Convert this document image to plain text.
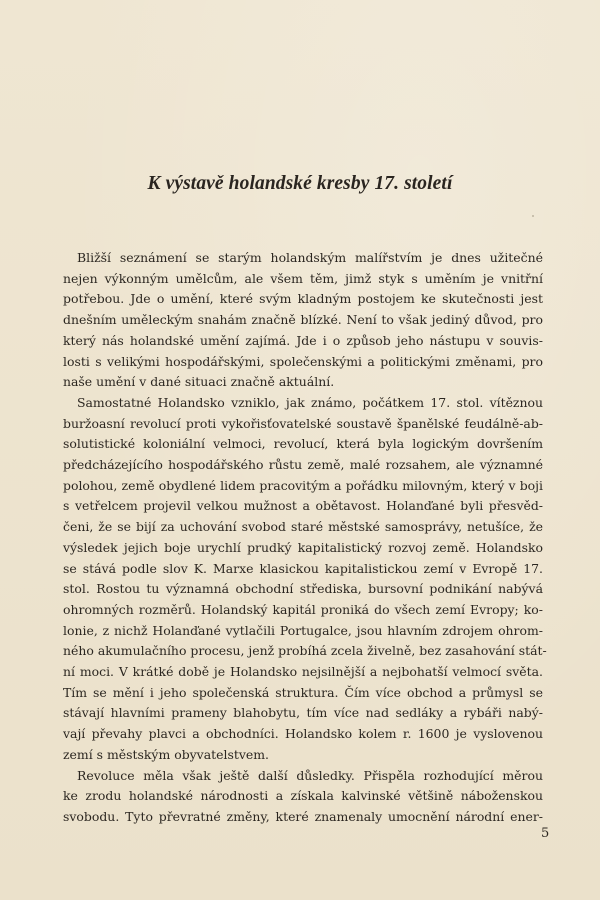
K výstavě holandské kresby 17. století
Bližší seznámení se starým holandským malířstvím je dnes užitečné
nejen výkonným umělcům, ale všem těm, jimž styk s uměním je vnitřní
potřebou. Jde o umění, které svým kladným postojem ke skutečnosti jest
dnešním uměleckým snahám značně blízké. Není to však jediný důvod, pro
který nás holandské umění zajímá. Jde i o způsob jeho nástupu v souvis-
losti s velikými hospodářskými, společenskými a politickými změnami, pro
naše umění v dané situaci značně aktuální.
Samostatné Holandsko vzniklo, jak známo, počátkem 17. stol. vítěznou
buržoasní revolucí proti vykořisťovatelské soustavě španělské feudálně-ab-
solutistické koloniální velmoci, revolucí, která byla logickým dovršením
předcházejícího hospodářského růstu země, malé rozsahem, ale významné
polohou, země obydlené lidem pracovitým a pořádku milovným, který v boji
s vetřelcem projevil velkou mužnost a obětavost. Holanďané byli přesvěd-
čeni, že se bijí za uchování svobod staré městské samosprávy, netušíce, že
výsledek jejich boje urychlí prudký kapitalistický rozvoj země. Holandsko
se stává podle slov K. Marxe klasickou kapitalistickou zemí v Evropě 17.
stol. Rostou tu významná obchodní střediska, bursovní podnikání nabývá
ohromných rozměrů. Holandský kapitál proniká do všech zemí Evropy; ko-
lonie, z nichž Holanďané vytlačili Portugalce, jsou hlavním zdrojem ohrom-
ného akumulačního procesu, jenž probíhá zcela živelně, bez zasahování stát-
ní moci. V krátké době je Holandsko nejsilnější a nejbohatší velmocí světa.
Tím se mění i jeho společenská struktura. Čím více obchod a průmysl se
stávají hlavními prameny blahobytu, tím více nad sedláky a rybáři nabý-
vají převahy plavci a obchodníci. Holandsko kolem r. 1600 je vyslovenou
zemí s městským obyvatelstvem.
Revoluce měla však ještě další důsledky. Přispěla rozhodující měrou
ke zrodu holandské národnosti a získala kalvinské většině náboženskou
svobodu. Tyto převratné změny, které znamenaly umocnění národní ener-
5
